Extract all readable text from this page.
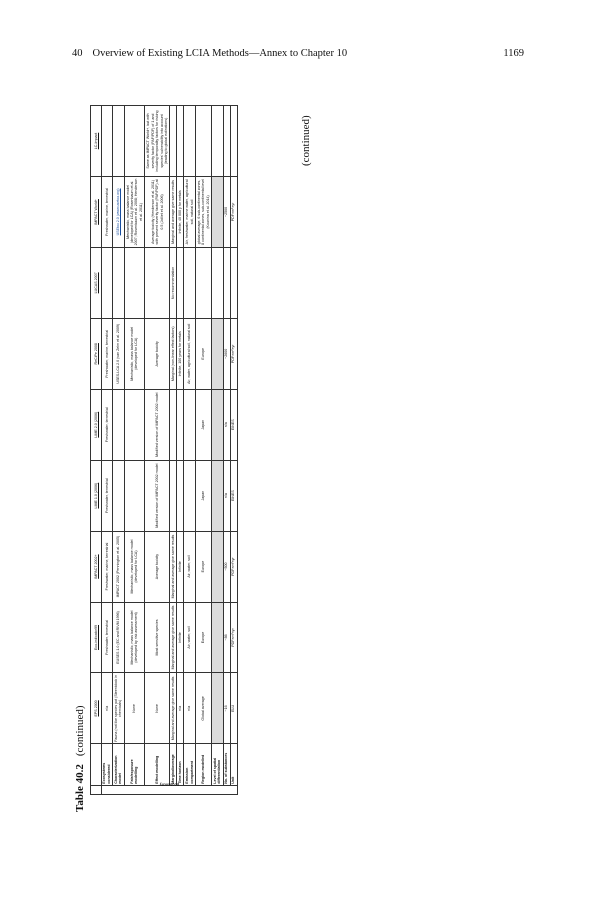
40 Overview of Existing LCIA Methods—Annex to Chapter 10	1169
Table 40.2(continued)
(continued)
		EPS 2000	Eco-indicator99	IMPACT 2002+	LIME 1.0 (2006)	LIME 2.0 (2006)	ReCiPe 2008	LUCAS 2007	IMPACT World+	LC-Impact
Ecotoxicity	Ecosystems considered	n/a	Freshwater, terrestrial	Freshwater, marine, terrestrial	Freshwater, terrestrial	Freshwater, terrestrial	Freshwater, marine, terrestrial		Freshwater, marine, terrestrial	
	Characterization model	Fauna (not like species pot (Steenblock in chemicals)	EUSES 1.0 (EC and RIVM 1996)	IMPACT 2002 (Pennington et al. 2005)			USES-LCA 2.0 (van Zelm et al. 2009)		USEtox 2.0 (www.usetox.org)	
	Fate/exposure modelling	None	Mechanistic, mass balance model (developed by risk assessment)	Mechanistic, mass balance model (developed for LCA)			Mechanistic, mass balance model (developed for LCA)		Mechanistic, mass balance model (developed for LCA) (Rosenbaum et al. 2007; Rosenbaum et al. 2008; Henderson et al. 2011)	
	Effect modelling	None	Most sensitive species	Average toxicity	Modified version of IMPACT 2002 model	Modified version of IMPACT 2002 model	Average toxicity		Average toxicity (Henderson et al. 2011) with present severity factor (PAF/PDF) at 0.5 (Jolliet et al. 2006)	Same as IMPACT World+, but with severity factor (PAF/PDF) of 1 and including temporality factors for risking species' vulnerability into account (leading to global extinctions)
	Marginal/average	Marginal and average give same results	Marginal and average give same results	Marginal and average give same results			Marginal (non-linear effect factors)	No recommendation	Marginal and average give same results	
	Time horizon	n/a	Infinite	Infinite			Infinite, 100 years for metals		Infinite, 40 000 y for metals	
	Emission compartment	n/a	Air, water, soil	Air, water, soil			Air, water, agricultural soil, natural soil		Air, freshwater, marine water, agricultural soil, natural soil	
	Region modelled	Global average	Europe	Europe	Japan	Japan	Europe		global average, 6 sub-continental zones, 8 continental zones, sub-continental level (Kounina et al. 2014)	
	Level of spatial differentiation									
	No. of substances	~16	~86	~500	n/a	n/a	~2600		~2500	
	Unit	ELU	PDF×m²×yr	PDF×m²×yr	EINES	EINES	PDF×m²×yr		PDF×m²×yr	
